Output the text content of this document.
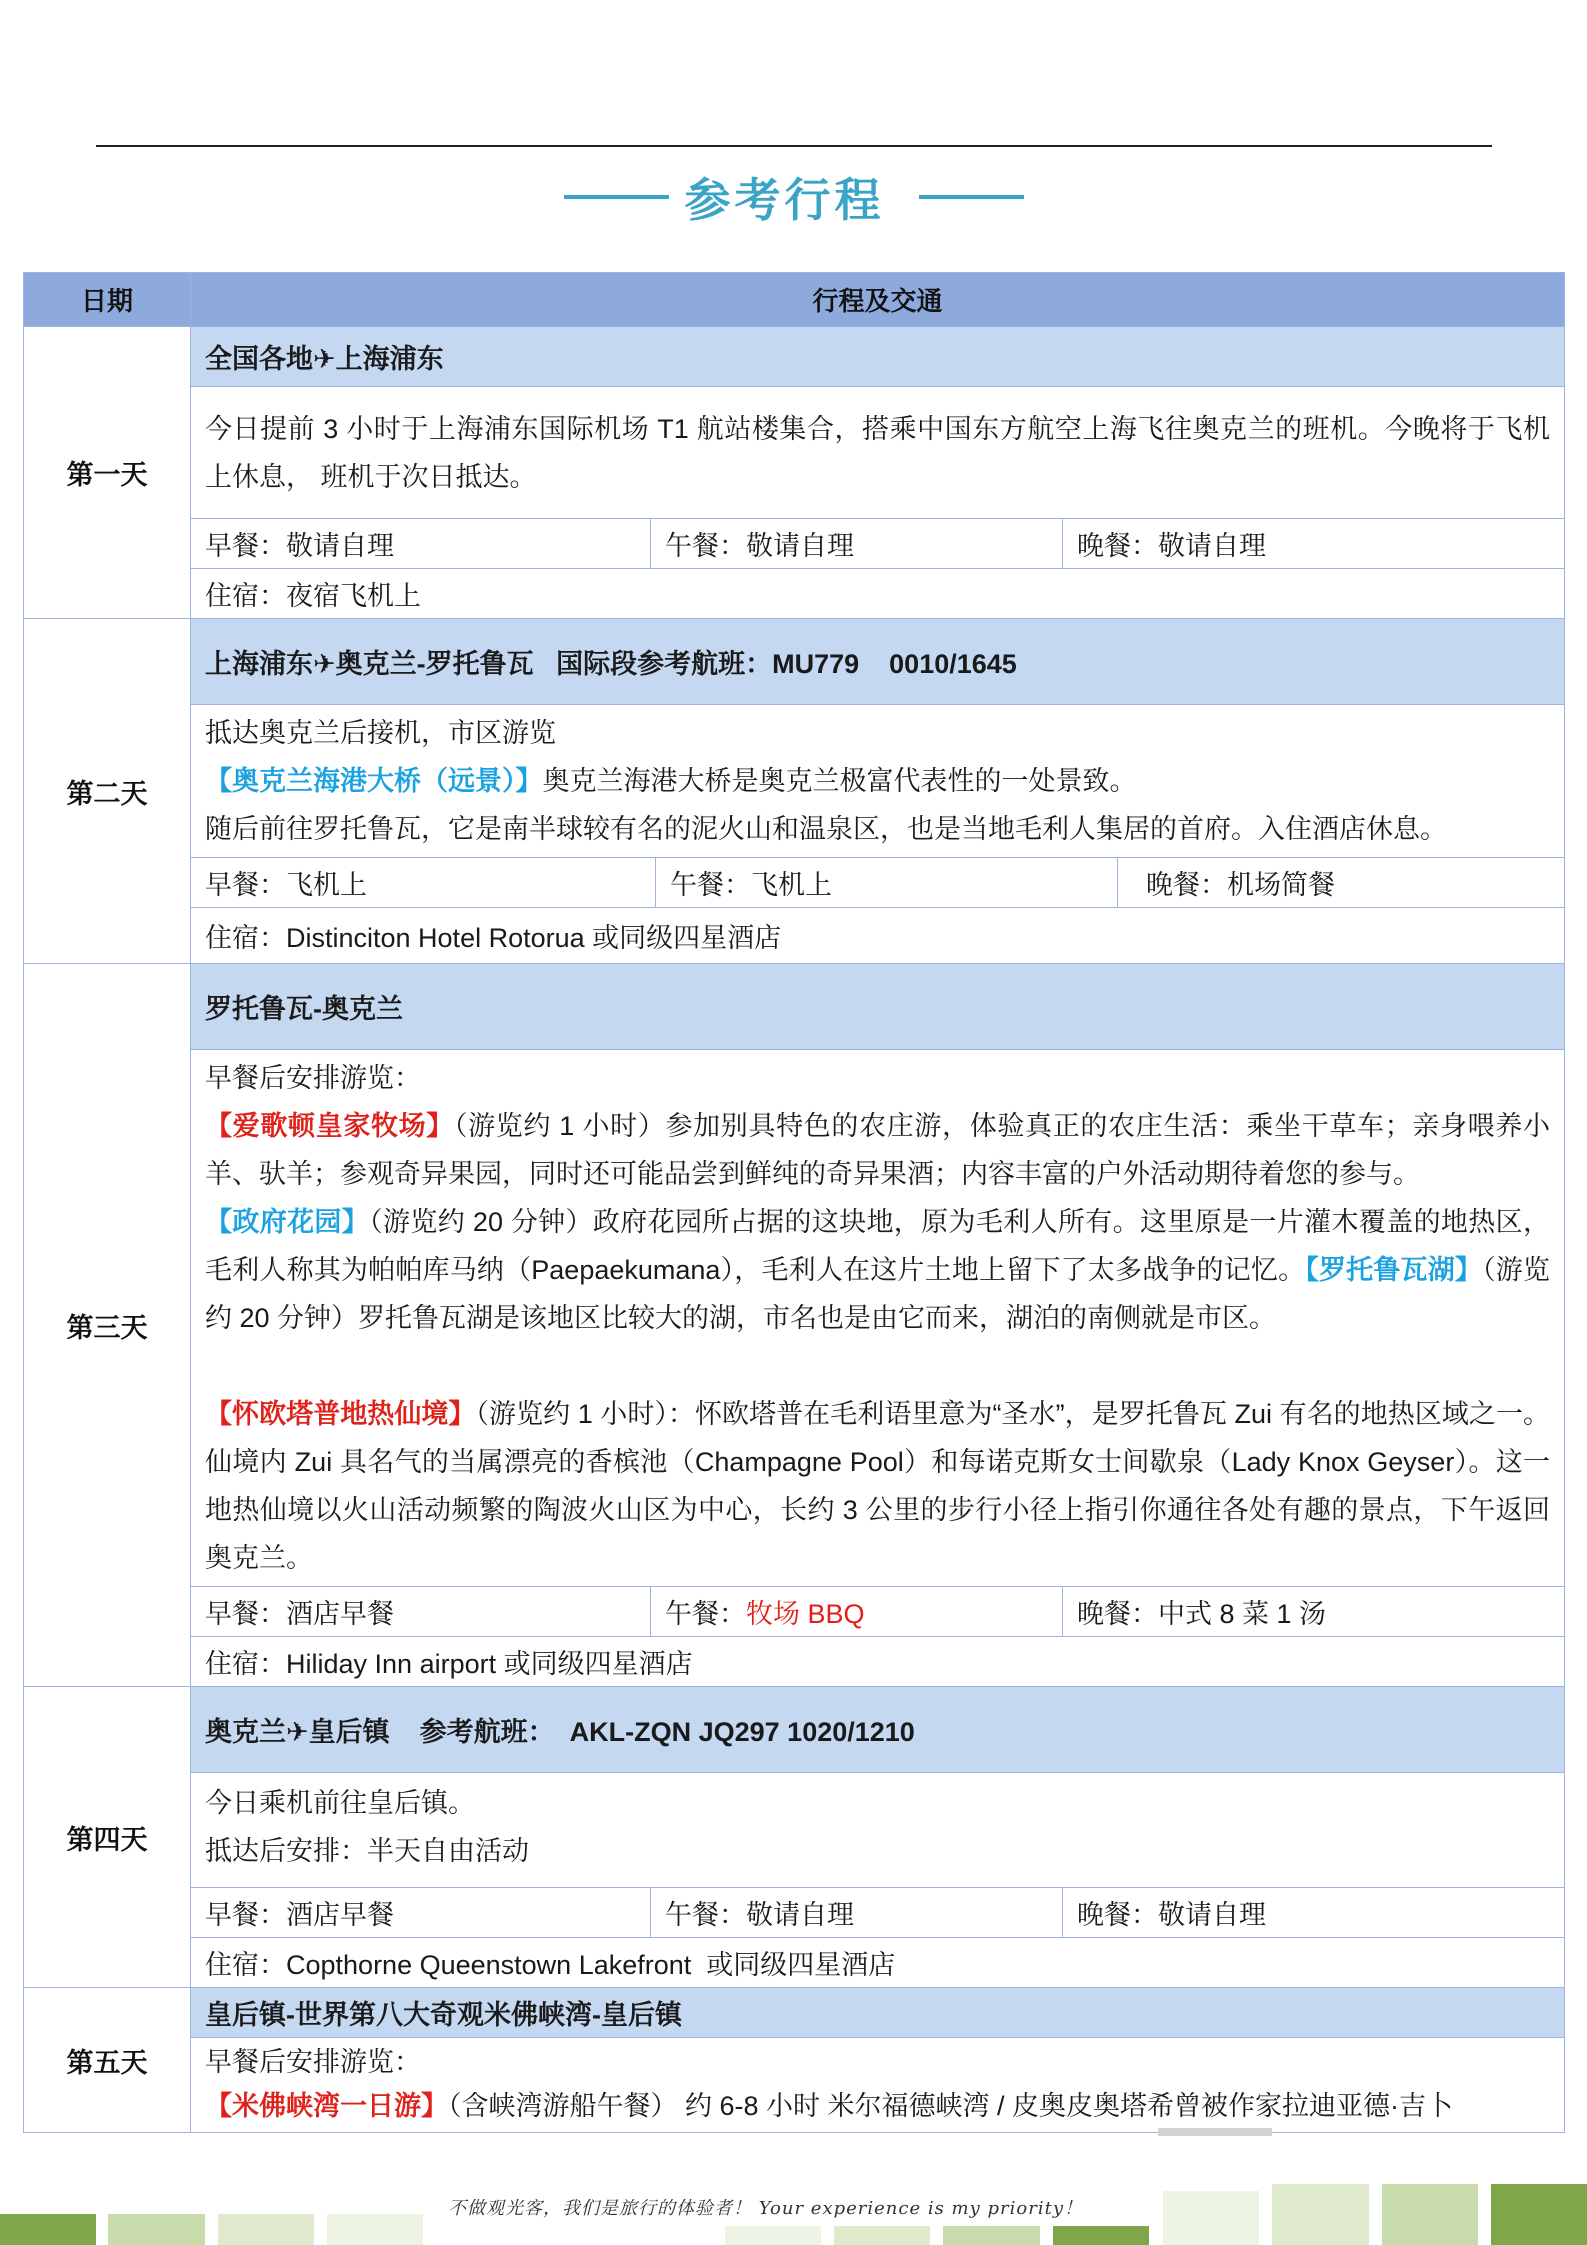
参考行程
日期	行程及交通
第一天	全国各地✈上海浦东
	今日提前 3 小时于上海浦东国际机场 T1 航站楼集合，搭乘中国东方航空上海飞往奥克兰的班机。今晚将于飞机上休息， 班机于次日抵达。

早餐：敬请自理 午餐：敬请自理 晚餐：敬请自理

	住宿：夜宿飞机上
第二天	上海浦东✈奥克兰-罗托鲁瓦   国际段参考航班：MU779    0010/1645

	抵达奥克兰后接机，市区游览
【奥克兰海港大桥（远景）】奥克兰海港大桥是奥克兰极富代表性的一处景致。
随后前往罗托鲁瓦，它是南半球较有名的泥火山和温泉区，也是当地毛利人集居的首府。入住酒店休息。

早餐：飞机上 午餐：飞机上 晚餐：机场简餐

	住宿：Distinciton Hotel Rotorua 或同级四星酒店
第三天	罗托鲁瓦-奥克兰

	早餐后安排游览：
【爱歌顿皇家牧场】（游览约 1 小时）参加别具特色的农庄游，体验真正的农庄生活：乘坐干草车；亲身喂养小羊、驮羊；参观奇异果园，同时还可能品尝到鲜纯的奇异果酒；内容丰富的户外活动期待着您的参与。
【政府花园】（游览约 20 分钟）政府花园所占据的这块地，原为毛利人所有。这里原是一片灌木覆盖的地热区，毛利人称其为帕帕库马纳（Paepaekumana），毛利人在这片土地上留下了太多战争的记忆。【罗托鲁瓦湖】（游览约 20 分钟）罗托鲁瓦湖是该地区比较大的湖，市名也是由它而来，湖泊的南侧就是市区。
【怀欧塔普地热仙境】（游览约 1 小时）：怀欧塔普在毛利语里意为“圣水”，是罗托鲁瓦 Zui 有名的地热区域之一。仙境内 Zui 具名气的当属漂亮的香槟池（Champagne Pool）和每诺克斯女士间歇泉（Lady Knox Geyser）。这一地热仙境以火山活动频繁的陶波火山区为中心，长约 3 公里的步行小径上指引你通往各处有趣的景点，下午返回奥克兰。

早餐：酒店早餐 午餐： 牧场 BBQ 晚餐：中式 8 菜 1 汤

	住宿：Hiliday Inn airport 或同级四星酒店
第四天	奥克兰✈皇后镇    参考航班：  AKL-ZQN JQ297 1020/1210

	今日乘机前往皇后镇。
抵达后安排：半天自由活动

早餐：酒店早餐 午餐：敬请自理 晚餐：敬请自理

	住宿：Copthorne Queenstown Lakefront  或同级四星酒店
第五天	皇后镇-世界第八大奇观米佛峡湾-皇后镇

	早餐后安排游览：
【米佛峡湾一日游】（含峡湾游船午餐） 约 6-8 小时 米尔福德峡湾 / 皮奥皮奥塔希曾被作家拉迪亚德·吉卜
不做观光客，我们是旅行的体验者！ Your experience is my priority！
